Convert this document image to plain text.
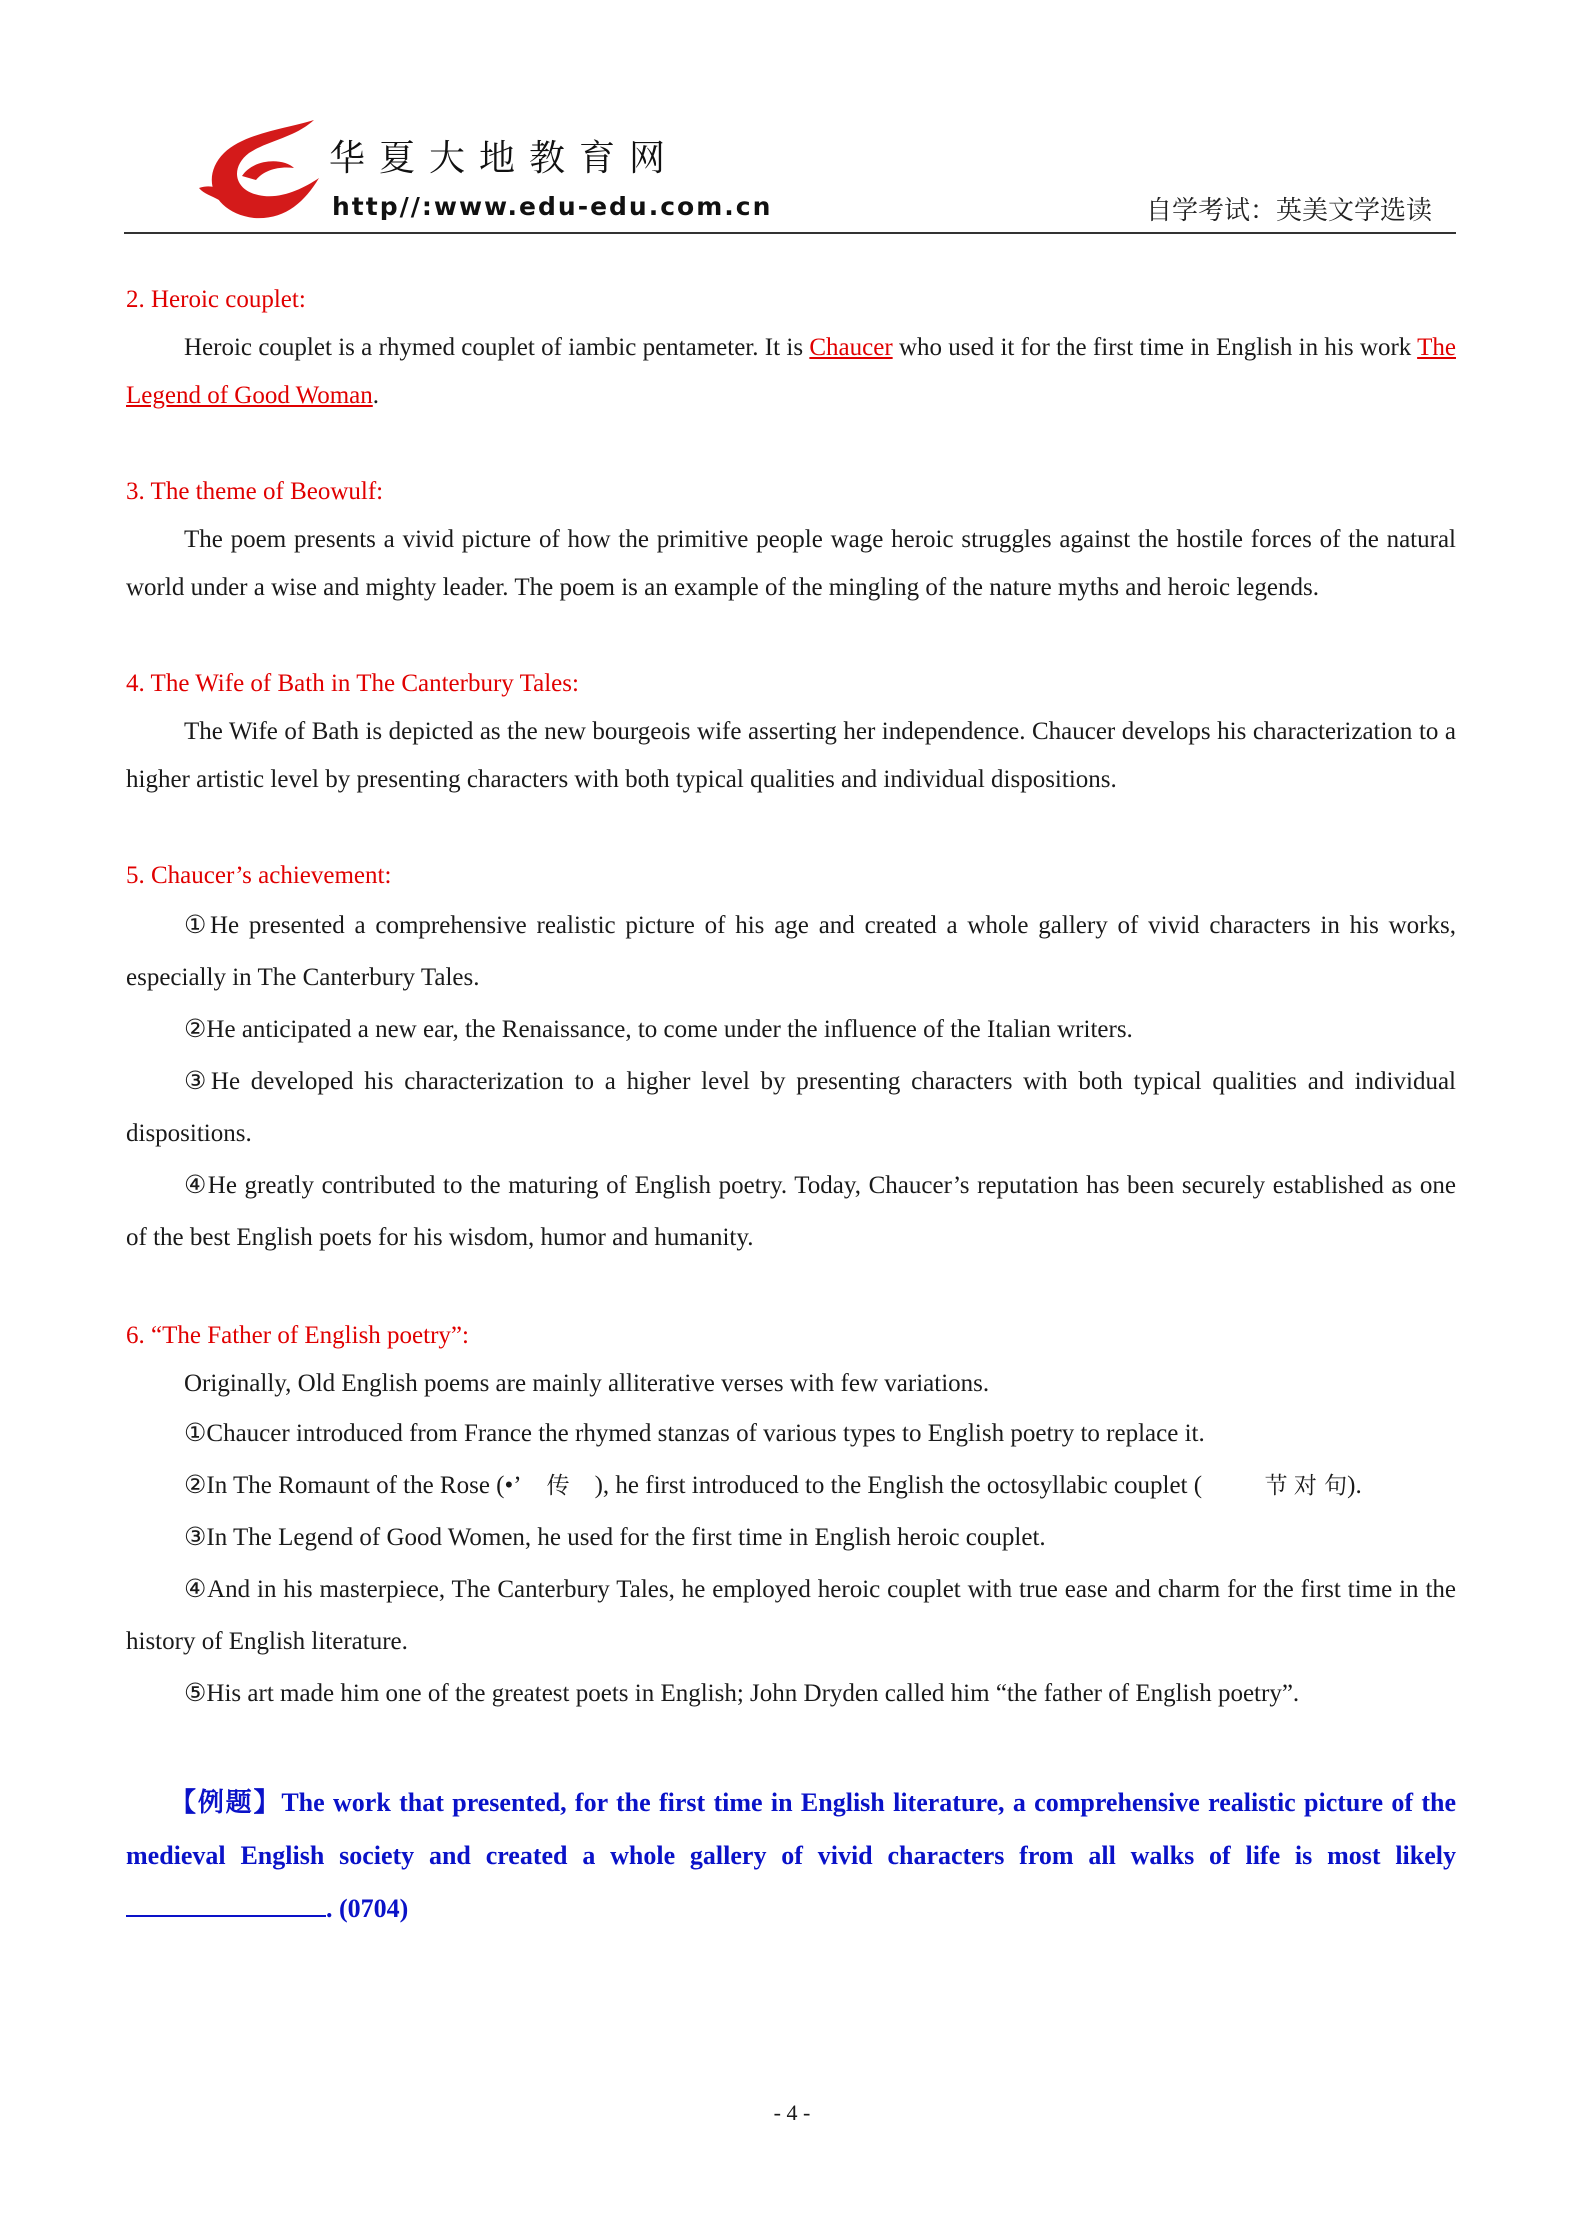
华夏大地教育网
http//:www.edu-edu.com.cn	自学考试：英美文学选读

2. Heroic couplet:

Heroic couplet is a rhymed couplet of iambic pentameter. It is Chaucer who used it for the first time in English in his work The Legend of Good Woman.

3. The theme of Beowulf:

The poem presents a vivid picture of how the primitive people wage heroic struggles against the hostile forces of the natural world under a wise and mighty leader. The poem is an example of the mingling of the nature myths and heroic legends.

4. The Wife of Bath in The Canterbury Tales:

The Wife of Bath is depicted as the new bourgeois wife asserting her independence. Chaucer develops his characterization to a higher artistic level by presenting characters with both typical qualities and individual dispositions.

5. Chaucer’s achievement:

①He presented a comprehensive realistic picture of his age and created a whole gallery of vivid characters in his works, especially in The Canterbury Tales.

②He anticipated a new ear, the Renaissance, to come under the influence of the Italian writers.

③He developed his characterization to a higher level by presenting characters with both typical qualities and individual dispositions.

④He greatly contributed to the maturing of English poetry. Today, Chaucer’s reputation has been securely established as one of the best English poets for his wisdom, humor and humanity.

6. “The Father of English poetry”:

Originally, Old English poems are mainly alliterative verses with few variations.

①Chaucer introduced from France the rhymed stanzas of various types to English poetry to replace it.

②In The Romaunt of the Rose (•’ 传 ), he first introduced to the English the octosyllabic couplet (	节 对 句).

③In The Legend of Good Women, he used for the first time in English heroic couplet.

④And in his masterpiece, The Canterbury Tales, he employed heroic couplet with true ease and charm for the first time in the history of English literature.

⑤His art made him one of the greatest poets in English; John Dryden called him “the father of English poetry”.

【例题】The work that presented, for the first time in English literature, a comprehensive realistic picture of the medieval English society and created a whole gallery of vivid characters from all walks of life is most likely . (0704)

- 4 -
